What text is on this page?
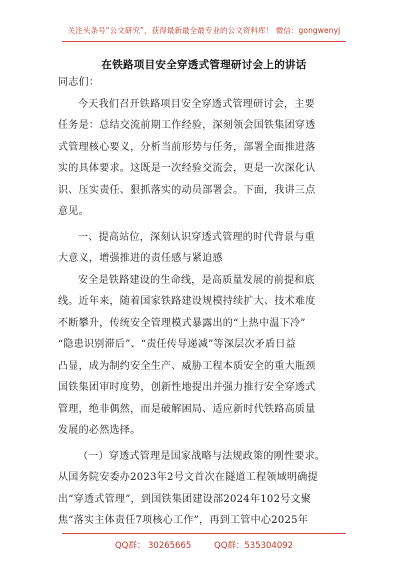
关注头条号“公文研究”，获得最新最全最专业的公文资料库！ 微信：gongwenyj
在铁路项目安全穿透式管理研讨会上的讲话
同志们：
今天我们召开铁路项目安全穿透式管理研讨会，主要
任务是：总结交流前期工作经验，深刻领会国铁集团穿透
式管理核心要义，分析当前形势与任务，部署全面推进落
实的具体要求。这既是一次经验交流会，更是一次深化认
识、压实责任、狠抓落实的动员部署会。下面，我讲三点
意见。
一、提高站位，深刻认识穿透式管理的时代背景与重
大意义，增强推进的责任感与紧迫感
安全是铁路建设的生命线，是高质量发展的前提和底
线。近年来，随着国家铁路建设规模持续扩大、技术难度
不断攀升，传统安全管理模式暴露出的“上热中温下冷”
“隐患识别滞后”、“责任传导递减”等深层次矛盾日益
凸显，成为制约安全生产、威胁工程本质安全的重大瓶颈
国铁集团审时度势，创新性地提出并强力推行安全穿透式
管理，绝非偶然，而是破解困局、适应新时代铁路高质量
发展的必然选择。
（一）穿透式管理是国家战略与法规政策的刚性要求。
从国务院安委办2023年2号文首次在隧道工程领域明确提
出“穿透式管理”，到国铁集团建设部2024年102号文聚
焦“落实主体责任7项核心工作”，再到工管中心2025年
QQ群： 30265665	QQ群：535304092
